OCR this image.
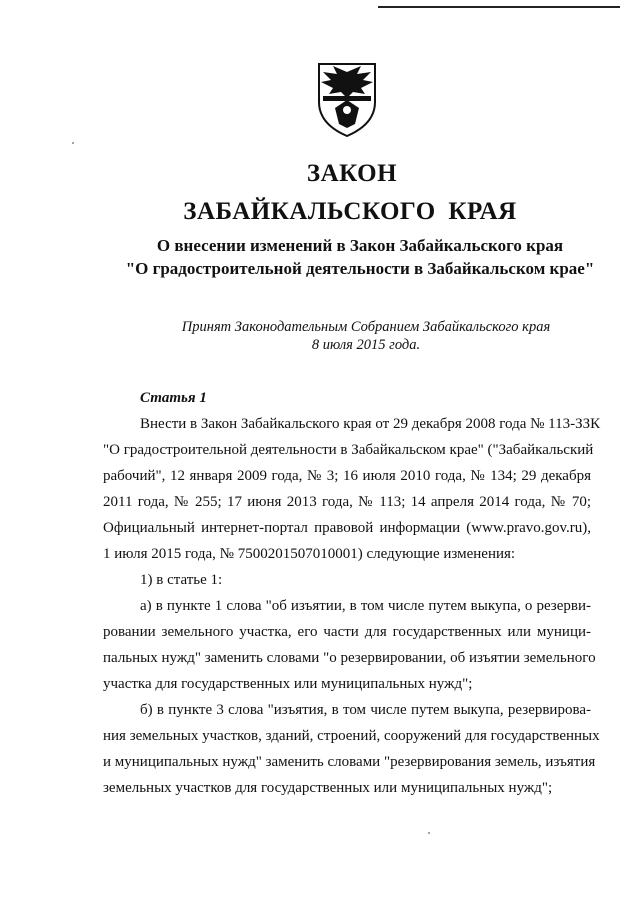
ЗАКОН
ЗАБАЙКАЛЬСКОГО КРАЯ
О внесении изменений в Закон Забайкальского края
"О градостроительной деятельности в Забайкальском крае"
Принят Законодательным Собранием Забайкальского края
8 июля 2015 года.
Статья 1
Внести в Закон Забайкальского края от 29 декабря 2008 года № 113-ЗЗК
"О градостроительной деятельности в Забайкальском крае" ("Забайкальский
рабочий", 12 января 2009 года, № 3; 16 июля 2010 года, № 134; 29 декабря
2011 года, № 255; 17 июня 2013 года, № 113; 14 апреля 2014 года, № 70;
Официальный интернет-портал правовой информации (www.pravo.gov.ru),
1 июля 2015 года, № 7500201507010001) следующие изменения:
1) в статье 1:
а) в пункте 1 слова "об изъятии, в том числе путем выкупа, о резерви-
ровании земельного участка, его части для государственных или муници-
пальных нужд" заменить словами "о резервировании, об изъятии земельного
участка для государственных или муниципальных нужд";
б) в пункте 3 слова "изъятия, в том числе путем выкупа, резервирова-
ния земельных участков, зданий, строений, сооружений для государственных
и муниципальных нужд" заменить словами "резервирования земель, изъятия
земельных участков для государственных или муниципальных нужд";
